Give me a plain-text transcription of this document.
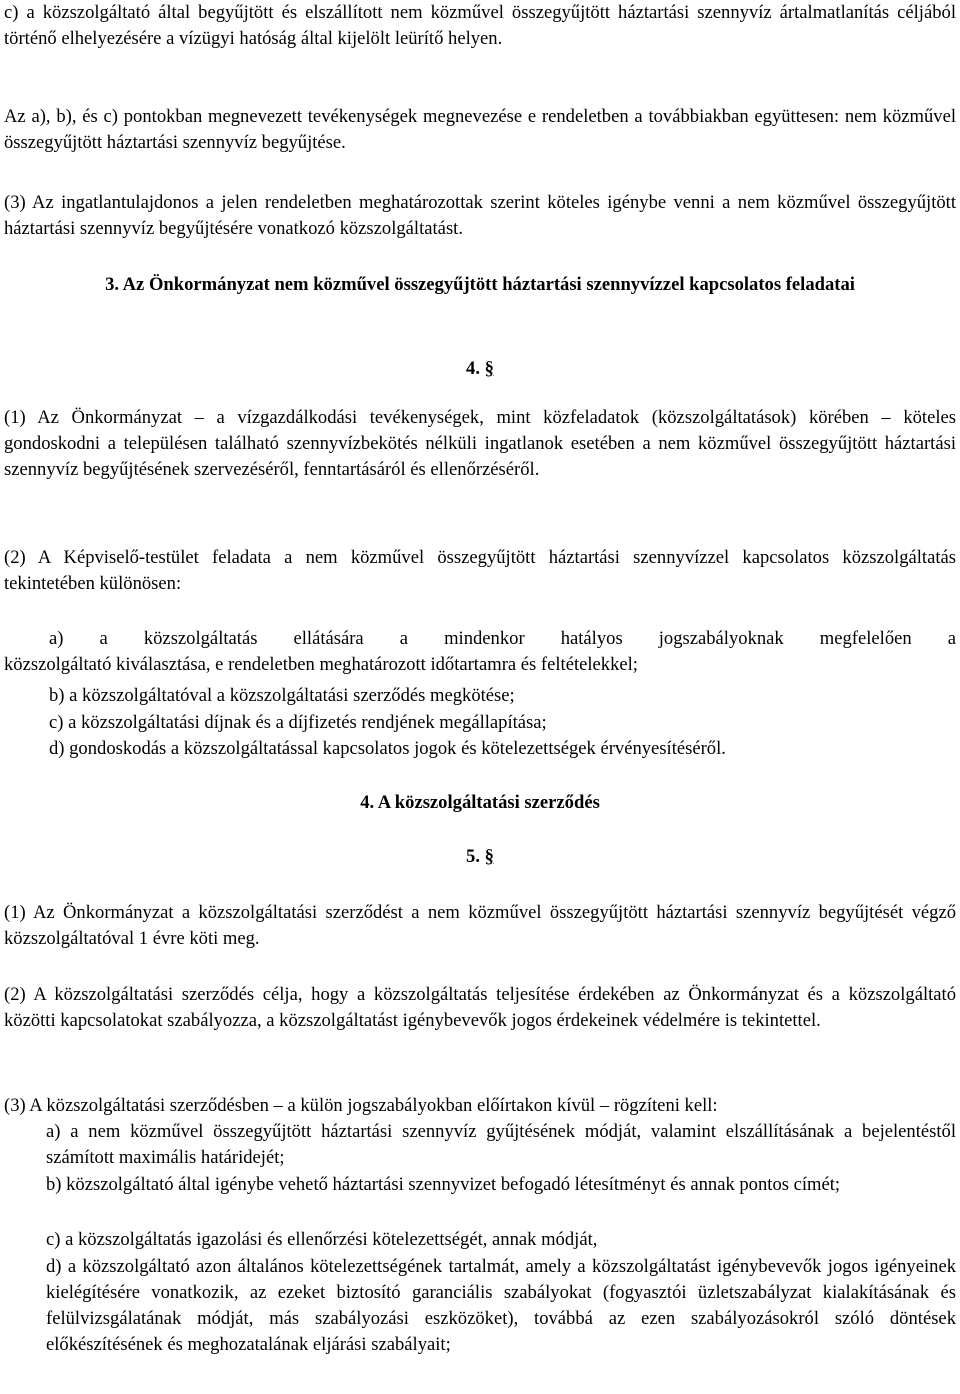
c) a közszolgáltató által begyűjtött és elszállított nem közművel összegyűjtött háztartási szennyvíz ártalmatlanítás céljából történő elhelyezésére a vízügyi hatóság által kijelölt leürítő helyen.
Az a), b), és c) pontokban megnevezett tevékenységek megnevezése e rendeletben a továbbiakban együttesen: nem közművel összegyűjtött háztartási szennyvíz begyűjtése.
(3) Az ingatlantulajdonos a jelen rendeletben meghatározottak szerint köteles igénybe venni a nem közművel összegyűjtött háztartási szennyvíz begyűjtésére vonatkozó közszolgáltatást.
3. Az Önkormányzat nem közművel összegyűjtött háztartási szennyvízzel kapcsolatos feladatai
4. §
(1) Az Önkormányzat – a vízgazdálkodási tevékenységek, mint közfeladatok (közszolgáltatások) körében – köteles gondoskodni a településen található szennyvízbekötés nélküli ingatlanok esetében a nem közművel összegyűjtött háztartási szennyvíz begyűjtésének szervezéséről, fenntartásáról és ellenőrzéséről.
(2) A Képviselő-testület feladata a nem közművel összegyűjtött háztartási szennyvízzel kapcsolatos közszolgáltatás tekintetében különösen:
a) a közszolgáltatás ellátására a mindenkor hatályos jogszabályoknak megfelelően a
közszolgáltató kiválasztása, e rendeletben meghatározott időtartamra és feltételekkel;
b) a közszolgáltatóval a közszolgáltatási szerződés megkötése;
c) a közszolgáltatási díjnak és a díjfizetés rendjének megállapítása;
d) gondoskodás a közszolgáltatással kapcsolatos jogok és kötelezettségek érvényesítéséről.
4. A közszolgáltatási szerződés
5. §
(1) Az Önkormányzat a közszolgáltatási szerződést a nem közművel összegyűjtött háztartási szennyvíz begyűjtését végző közszolgáltatóval 1 évre köti meg.
(2) A közszolgáltatási szerződés célja, hogy a közszolgáltatás teljesítése érdekében az Önkormányzat és a közszolgáltató közötti kapcsolatokat szabályozza, a közszolgáltatást igénybevevők jogos érdekeinek védelmére is tekintettel.
(3) A közszolgáltatási szerződésben – a külön jogszabályokban előírtakon kívül – rögzíteni kell:
a) a nem közművel összegyűjtött háztartási szennyvíz gyűjtésének módját, valamint elszállításának a bejelentéstől számított maximális határidejét;
b) közszolgáltató által igénybe vehető háztartási szennyvizet befogadó létesítményt és annak pontos címét;
c) a közszolgáltatás igazolási és ellenőrzési kötelezettségét, annak módját,
d) a közszolgáltató azon általános kötelezettségének tartalmát, amely a közszolgáltatást igénybevevők jogos igényeinek kielégítésére vonatkozik, az ezeket biztosító garanciális szabályokat (fogyasztói üzletszabályzat kialakításának és felülvizsgálatának módját, más szabályozási eszközöket), továbbá az ezen szabályozásokról szóló döntések előkészítésének és meghozatalának eljárási szabályait;
